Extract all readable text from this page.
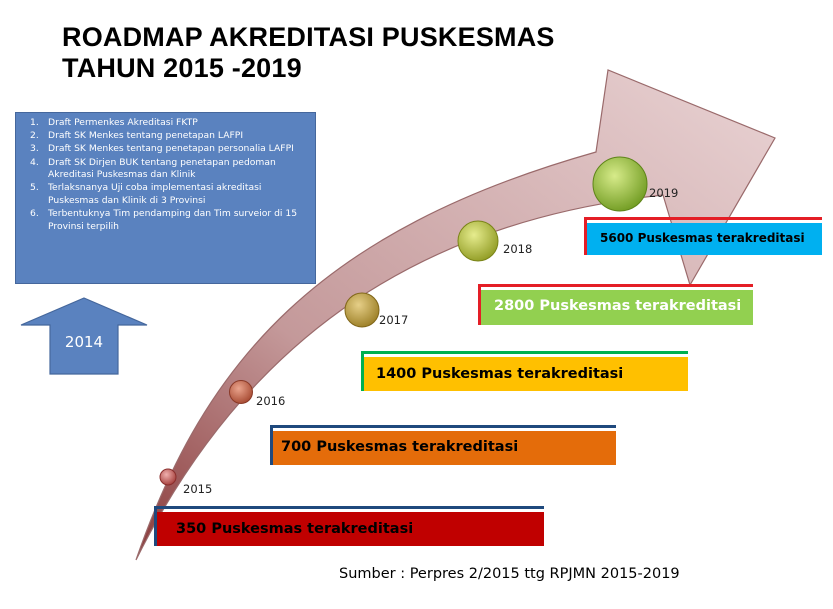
ROADMAP AKREDITASI PUSKESMAS
TAHUN 2015 -2019
1. Draft Permenkes Akreditasi FKTP
2. Draft SK Menkes tentang penetapan LAFPI
3. Draft SK Menkes tentang penetapan personalia LAFPI
4. Draft SK Dirjen BUK tentang penetapan pedoman Akreditasi Puskesmas dan Klinik
5. Terlaksnanya Uji coba implementasi akreditasi Puskesmas dan Klinik di 3 Provinsi
6. Terbentuknya Tim pendamping dan Tim surveior di 15 Provinsi terpilih
2014
350 Puskesmas terakreditasi
700 Puskesmas terakreditasi
1400 Puskesmas terakreditasi
2800 Puskesmas terakreditasi
5600 Puskesmas terakreditasi
2015
2016
2017
2018
2019
Sumber : Perpres 2/2015 ttg RPJMN 2015-2019
